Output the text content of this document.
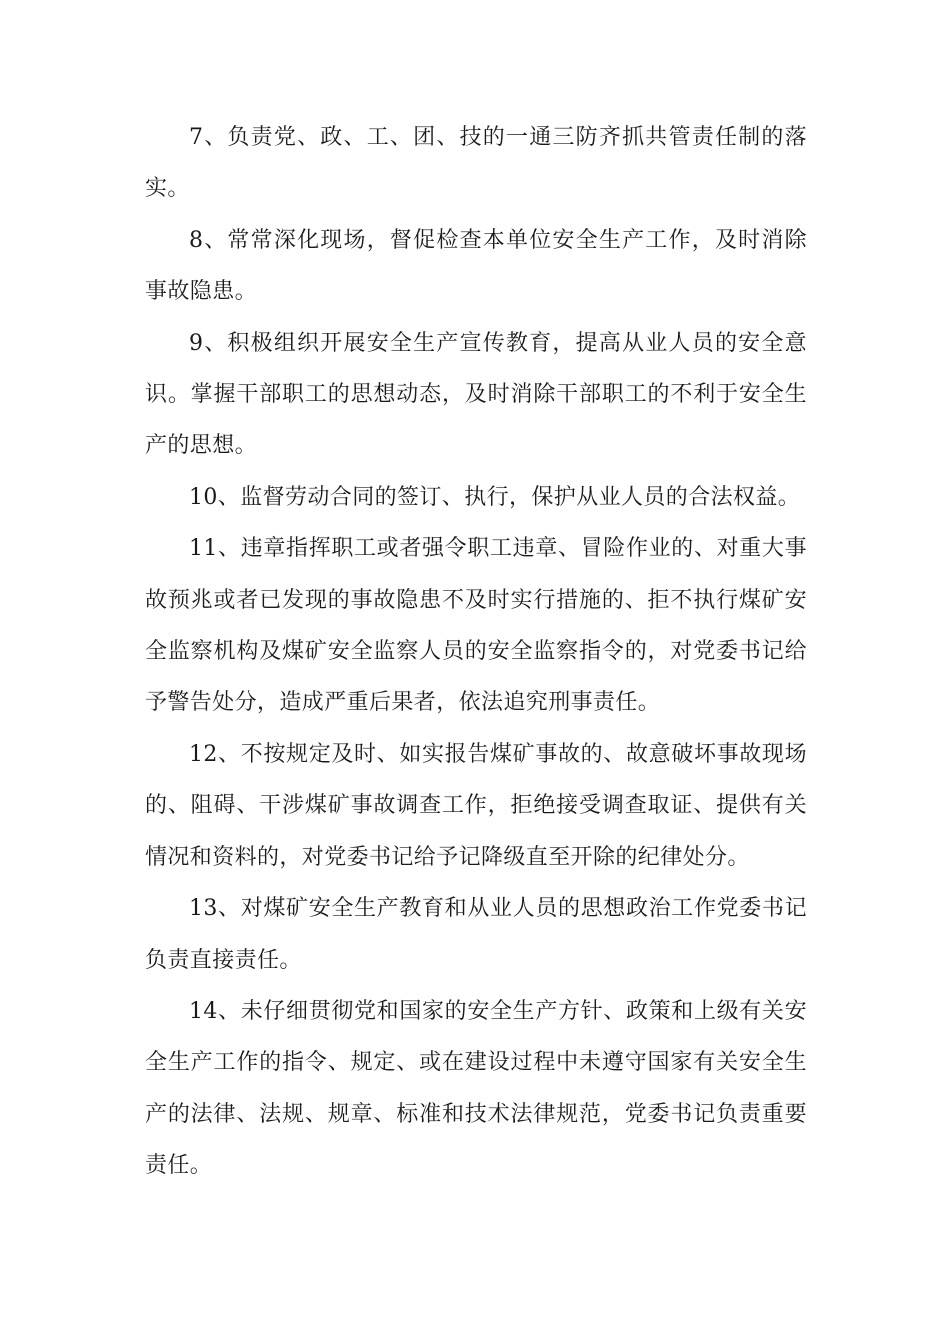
7、负责党、政、工、团、技的一通三防齐抓共管责任制的落实。

8、常常深化现场，督促检查本单位安全生产工作，及时消除事故隐患。

9、积极组织开展安全生产宣传教育，提高从业人员的安全意识。掌握干部职工的思想动态，及时消除干部职工的不利于安全生产的思想。

10、监督劳动合同的签订、执行，保护从业人员的合法权益。

11、违章指挥职工或者强令职工违章、冒险作业的、对重大事故预兆或者已发现的事故隐患不及时实行措施的、拒不执行煤矿安全监察机构及煤矿安全监察人员的安全监察指令的，对党委书记给予警告处分，造成严重后果者，依法追究刑事责任。

12、不按规定及时、如实报告煤矿事故的、故意破坏事故现场的、阻碍、干涉煤矿事故调查工作，拒绝接受调查取证、提供有关情况和资料的，对党委书记给予记降级直至开除的纪律处分。

13、对煤矿安全生产教育和从业人员的思想政治工作党委书记负责直接责任。

14、未仔细贯彻党和国家的安全生产方针、政策和上级有关安全生产工作的指令、规定、或在建设过程中未遵守国家有关安全生产的法律、法规、规章、标准和技术法律规范，党委书记负责重要责任。
